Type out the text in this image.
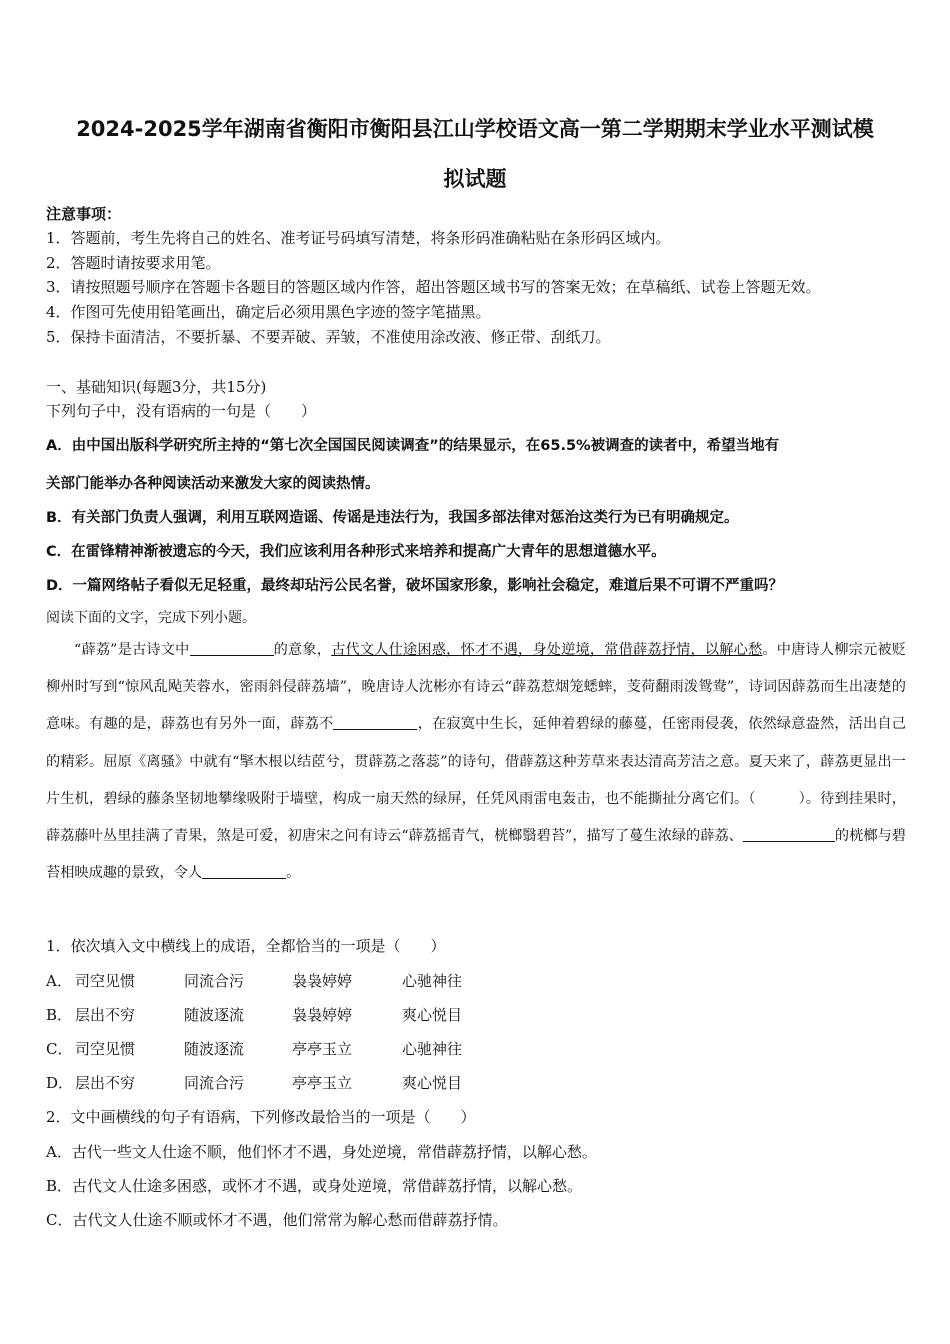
2024-2025学年湖南省衡阳市衡阳县江山学校语文高一第二学期期末学业水平测试模
拟试题
注意事项：
1．答题前，考生先将自己的姓名、准考证号码填写清楚，将条形码准确粘贴在条形码区域内。
2．答题时请按要求用笔。
3．请按照题号顺序在答题卡各题目的答题区域内作答，超出答题区域书写的答案无效；在草稿纸、试卷上答题无效。
4．作图可先使用铅笔画出，确定后必须用黑色字迹的签字笔描黑。
5．保持卡面清洁，不要折暴、不要弄破、弄皱，不准使用涂改液、修正带、刮纸刀。
一、基础知识(每题3分，共15分)
下列句子中，没有语病的一句是（　　）
A．由中国出版科学研究所主持的“第七次全国国民阅读调查”的结果显示，在65.5%被调查的读者中，希望当地有
关部门能举办各种阅读活动来激发大家的阅读热情。
B．有关部门负责人强调，利用互联网造谣、传谣是违法行为，我国多部法律对惩治这类行为已有明确规定。
C．在雷锋精神渐被遗忘的今天，我们应该利用各种形式来培养和提高广大青年的思想道德水平。
D．一篇网络帖子看似无足轻重，最终却玷污公民名誉，破坏国家形象，影响社会稳定，难道后果不可谓不严重吗？
阅读下面的文字，完成下列小题。
“薜荔”是古诗文中	的意象，古代文人仕途困惑，怀才不遇，身处逆境，常借薜荔抒情，以解心愁。中唐诗人柳宗元被贬柳州时写到“惊风乱飐芙蓉水，密雨斜侵薜荔墙”，晚唐诗人沈彬亦有诗云“薜荔惹烟笼蟋蟀，芰荷翻雨泼鸳鸯”，诗词因薜荔而生出凄楚的意味。有趣的是，薜荔也有另外一面，薜荔不	，在寂寞中生长，延伸着碧绿的藤蔓，任密雨侵袭，依然绿意盎然，活出自己的精彩。屈原《离骚》中就有“掔木根以结茝兮，贯薜荔之落蕊”的诗句，借薜荔这种芳草来表达清高芳洁之意。夏天来了，薜荔更显出一片生机，碧绿的藤条坚韧地攀缘吸附于墙壁，构成一扇天然的绿屏，任凭风雨雷电轰击，也不能撕扯分离它们。（　　　）。待到挂果时，薜荔藤叶丛里挂满了青果，煞是可爱，初唐宋之问有诗云“薜荔摇青气，桄榔翳碧苔”，描写了蔓生浓绿的薜荔、	的桄榔与碧苔相映成趣的景致，令人	。
1．依次填入文中横线上的成语，全都恰当的一项是（　　）
A． 司空见惯	同流合污	袅袅婷婷	心驰神往
B． 层出不穷	随波逐流	袅袅婷婷	爽心悦目
C． 司空见惯	随波逐流	亭亭玉立	心驰神往
D． 层出不穷	同流合污	亭亭玉立	爽心悦目
2．文中画横线的句子有语病，下列修改最恰当的一项是（　　）
A．古代一些文人仕途不顺，他们怀才不遇，身处逆境，常借薜荔抒情，以解心愁。
B．古代文人仕途多困惑，或怀才不遇，或身处逆境，常借薜荔抒情，以解心愁。
C．古代文人仕途不顺或怀才不遇，他们常常为解心愁而借薜荔抒情。
